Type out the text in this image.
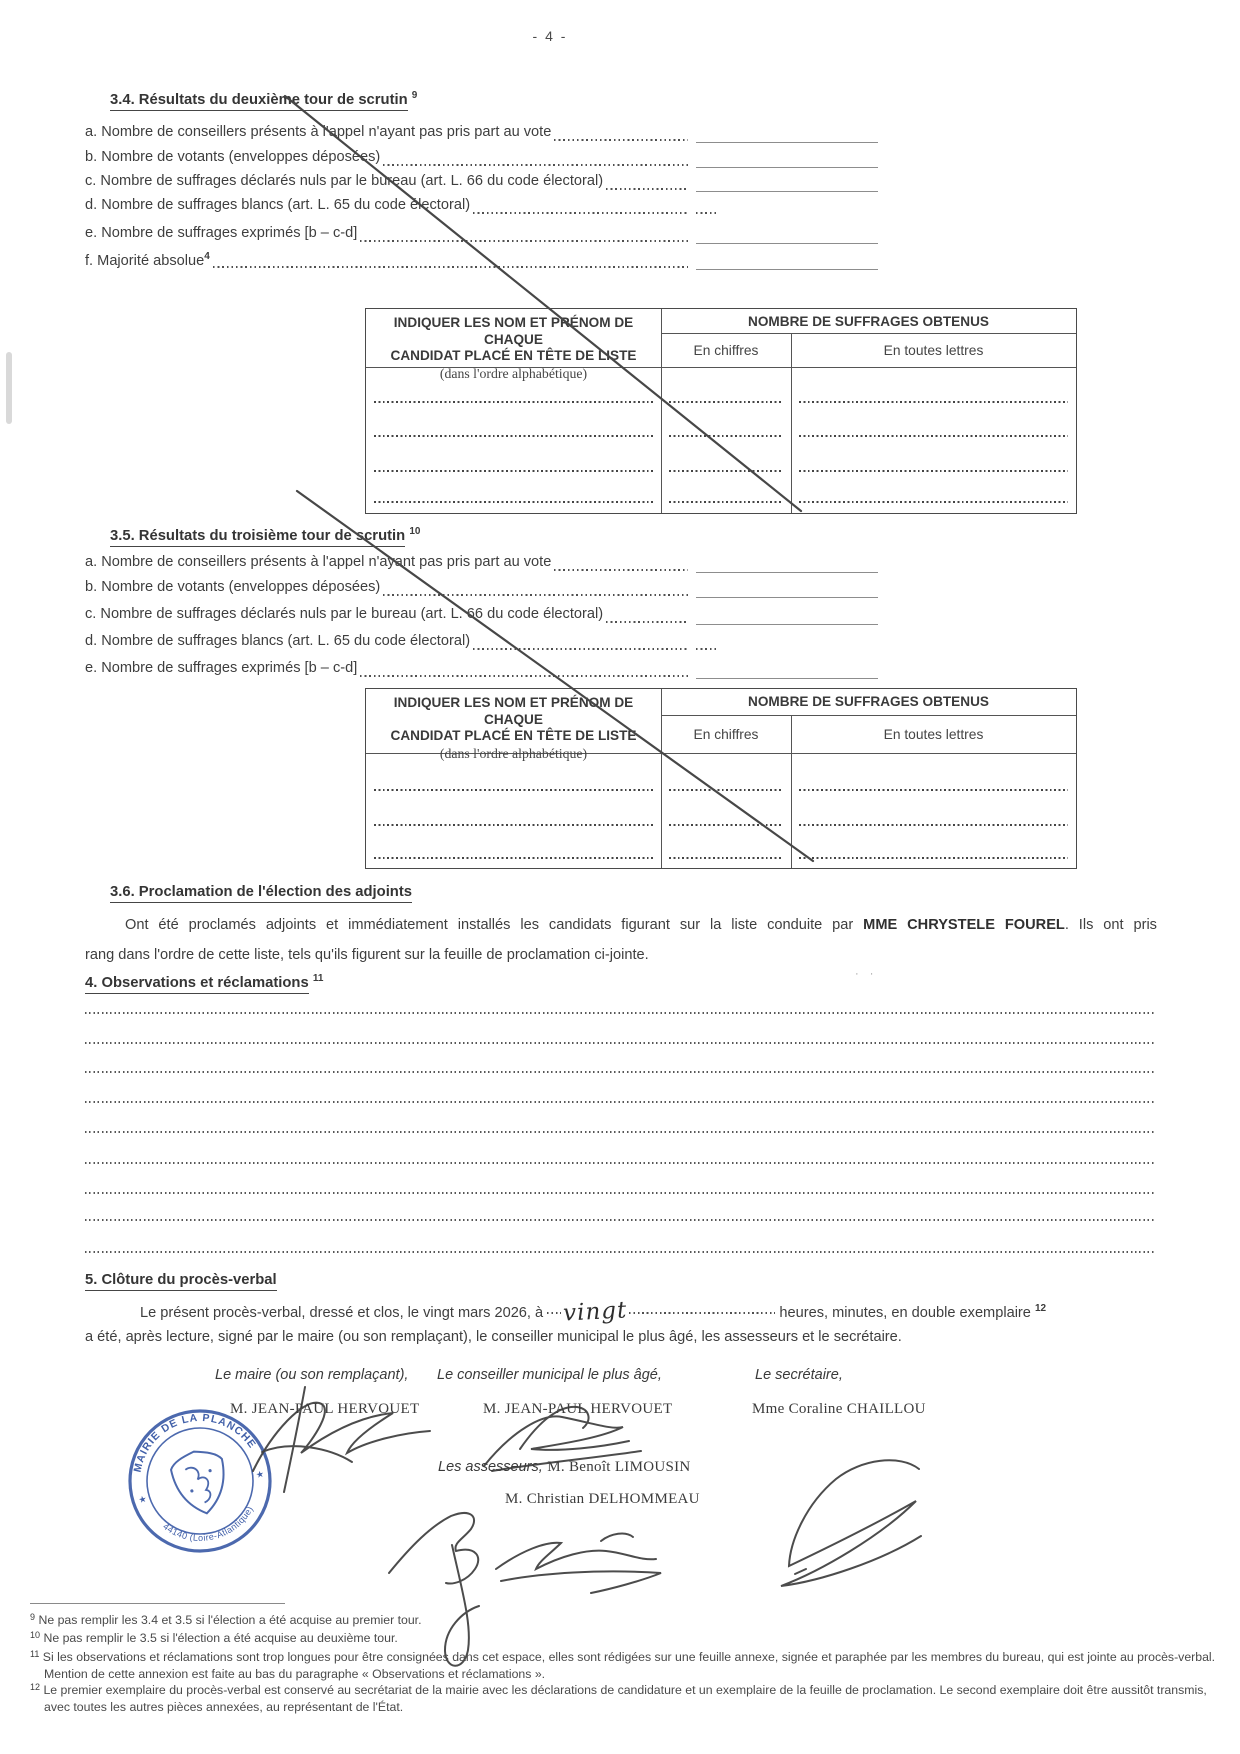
- 4 -
3.4. Résultats du deuxième tour de scrutin $^9$
a. Nombre de conseillers présents à l'appel n'ayant pas pris part au vote
b. Nombre de votants (enveloppes déposées)
c. Nombre de suffrages déclarés nuls par le bureau (art. L. 66 du code électoral)
d. Nombre de suffrages blancs (art. L. 65 du code électoral)
e. Nombre de suffrages exprimés [b – c-d]
f. Majorité absolue$^4$
INDIQUER LES NOM ET PRÉNOM DE CHAQUE
CANDIDAT PLACÉ EN TÊTE DE LISTE
(dans l'ordre alphabétique)
NOMBRE DE SUFFRAGES OBTENUS
En chiffres	En toutes lettres
3.5. Résultats du troisième tour de scrutin $^{10}$
a. Nombre de conseillers présents à l'appel n'ayant pas pris part au vote
b. Nombre de votants (enveloppes déposées)
c. Nombre de suffrages déclarés nuls par le bureau (art. L. 66 du code électoral)
d. Nombre de suffrages blancs (art. L. 65 du code électoral)
e. Nombre de suffrages exprimés [b – c-d]
INDIQUER LES NOM ET PRÉNOM DE CHAQUE
CANDIDAT PLACÉ EN TÊTE DE LISTE
(dans l'ordre alphabétique)
NOMBRE DE SUFFRAGES OBTENUS
En chiffres	En toutes lettres
3.6. Proclamation de l'élection des adjoints
Ont été proclamés adjoints et immédiatement installés les candidats figurant sur la liste conduite par MME CHRYSTELE FOUREL. Ils ont pris
rang dans l'ordre de cette liste, tels qu'ils figurent sur la feuille de proclamation ci-jointe.
4. Observations et réclamations $^{11}$	· ·
5. Clôture du procès-verbal
Le présent procès-verbal, dressé et clos, le vingt mars 2026, à vingt	heures, minutes, en double exemplaire $^{12}$
a été, après lecture, signé par le maire (ou son remplaçant), le conseiller municipal le plus âgé, les assesseurs et le secrétaire.
Le maire (ou son remplaçant), Le conseiller municipal le plus âgé,	Le secrétaire,
M. JEAN-PAUL HERVOUET	M. JEAN-PAUL HERVOUET	Mme Coraline CHAILLOU
Les assesseurs, M. Benoît LIMOUSIN
M. Christian DELHOMMEAU
MAIRIE DE LA PLANCHE
44140 (Loire-Atlantique)
★
★

$^9$ Ne pas remplir les 3.4 et 3.5 si l'élection a été acquise au premier tour.

$^{10}$ Ne pas remplir le 3.5 si l'élection a été acquise au deuxième tour.

$^{11}$ Si les observations et réclamations sont trop longues pour être consignées dans cet espace, elles sont rédigées sur une feuille annexe, signée et paraphée par les membres du bureau, qui est jointe au procès-verbal. Mention de cette annexion est faite au bas du paragraphe « Observations et réclamations ».

$^{12}$ Le premier exemplaire du procès-verbal est conservé au secrétariat de la mairie avec les déclarations de candidature et un exemplaire de la feuille de proclamation. Le second exemplaire doit être aussitôt transmis, avec toutes les autres pièces annexées, au représentant de l'État.
